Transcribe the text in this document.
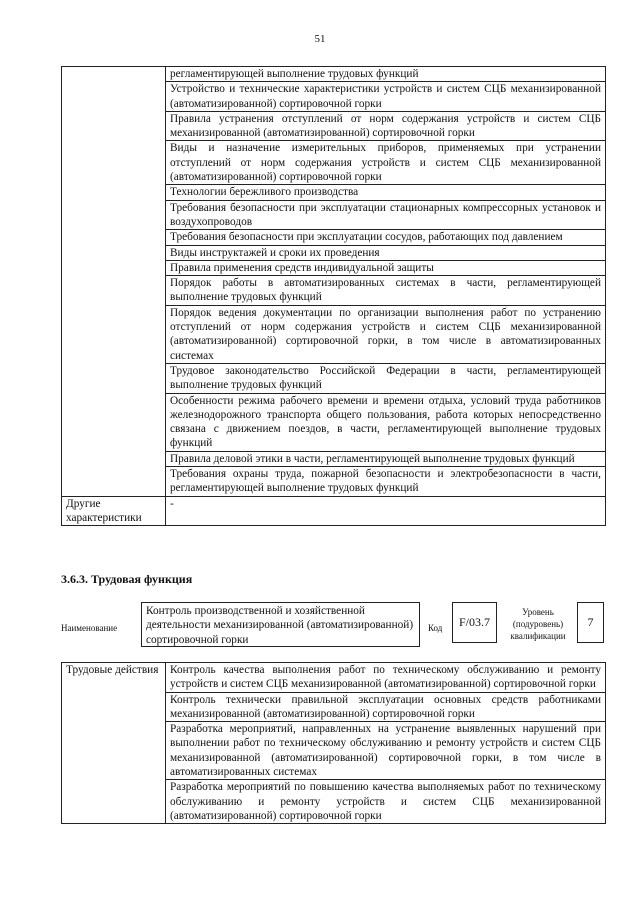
51
	регламентирующей выполнение трудовых функций
	Устройство и технические характеристики устройств и систем СЦБ механизированной (автоматизированной) сортировочной горки
	Правила устранения отступлений от норм содержания устройств и систем СЦБ механизированной (автоматизированной) сортировочной горки
	Виды и назначение измерительных приборов, применяемых при устранении отступлений от норм содержания устройств и систем СЦБ механизированной (автоматизированной) сортировочной горки
	Технологии бережливого производства
	Требования безопасности при эксплуатации стационарных компрессорных установок и воздухопроводов
	Требования безопасности при эксплуатации сосудов, работающих под давлением
	Виды инструктажей и сроки их проведения
	Правила применения средств индивидуальной защиты
	Порядок работы в автоматизированных системах в части, регламентирующей выполнение трудовых функций
	Порядок ведения документации по организации выполнения работ по устранению отступлений от норм содержания устройств и систем СЦБ механизированной (автоматизированной) сортировочной горки, в том числе в автоматизированных системах
	Трудовое законодательство Российской Федерации в части, регламентирующей выполнение трудовых функций
	Особенности режима рабочего времени и времени отдыха, условий труда работников железнодорожного транспорта общего пользования, работа которых непосредственно связана с движением поездов, в части, регламентирующей выполнение трудовых функций
	Правила деловой этики в части, регламентирующей выполнение трудовых функций
	Требования охраны труда, пожарной безопасности и электробезопасности в части, регламентирующей выполнение трудовых функций
Другие характеристики	-
3.6.3. Трудовая функция
Наименование
Контроль производственной и хозяйственной деятельности механизированной (автоматизированной) сортировочной горки
Код	F/03.7
Уровень (подуровень) квалификации
7
Трудовые действия	Контроль качества выполнения работ по техническому обслуживанию и ремонту устройств и систем СЦБ механизированной (автоматизированной) сортировочной горки
Контроль технически правильной эксплуатации основных средств работниками механизированной (автоматизированной) сортировочной горки
Разработка мероприятий, направленных на устранение выявленных нарушений при выполнении работ по техническому обслуживанию и ремонту устройств и систем СЦБ механизированной (автоматизированной) сортировочной горки, в том числе в автоматизированных системах
Разработка мероприятий по повышению качества выполняемых работ по техническому обслуживанию и ремонту устройств и систем СЦБ механизированной (автоматизированной) сортировочной горки
